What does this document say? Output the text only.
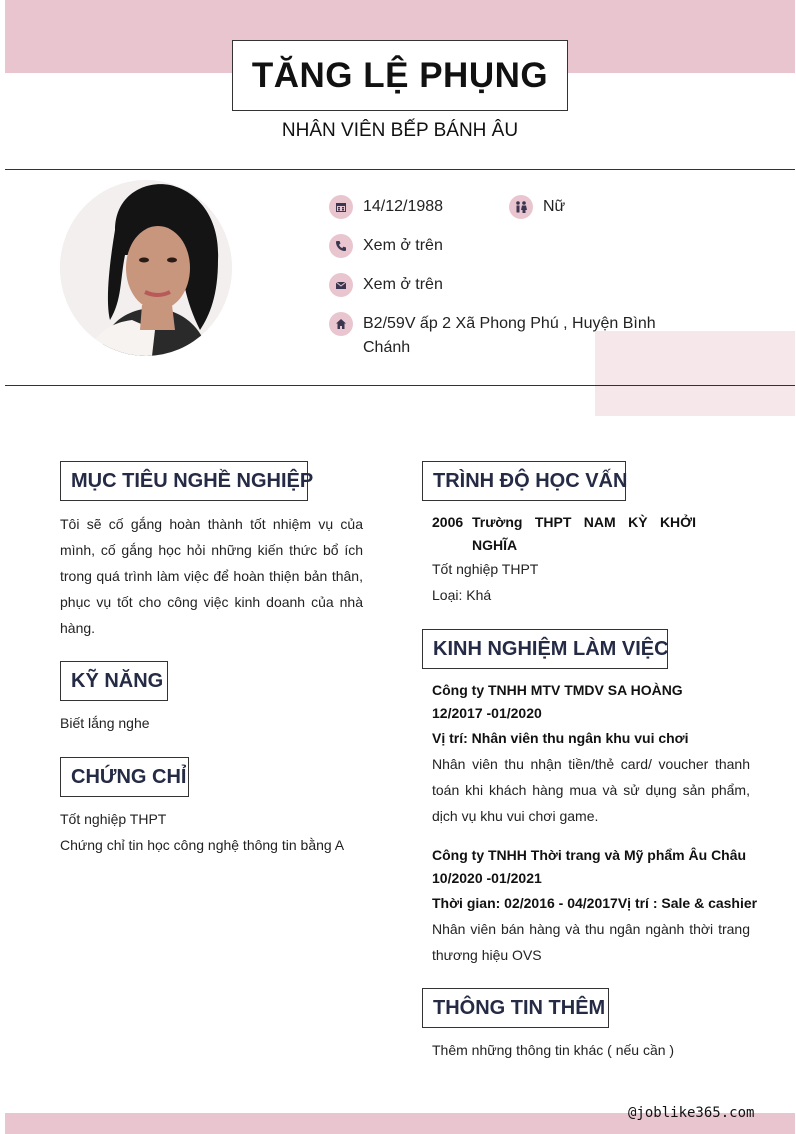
TĂNG LỆ PHỤNG
NHÂN VIÊN BẾP BÁNH ÂU
14/12/1988	Nữ
Xem ở trên
Xem ở trên
B2/59V ấp 2 Xã Phong Phú , Huyện Bình
Chánh
MỤC TIÊU NGHỀ NGHIỆP
Tôi sẽ cố gắng hoàn thành tốt nhiệm vụ của mình, cố gắng học hỏi những kiến thức bổ ích trong quá trình làm việc để hoàn thiện bản thân, phục vụ tốt cho công việc kinh doanh của nhà hàng.
KỸ NĂNG
Biết lắng nghe
CHỨNG CHỈ
Tốt nghiệp THPT
Chứng chỉ tin học công nghệ thông tin bằng A
TRÌNH ĐỘ HỌC VẤN
2006 Trường THPT NAM KỲ KHỞI NGHĨA
Tốt nghiệp THPT
Loại: Khá
KINH NGHIỆM LÀM VIỆC
Công ty TNHH MTV TMDV SA HOÀNG
12/2017 -01/2020
Vị trí: Nhân viên thu ngân khu vui chơi
Nhân viên thu nhận tiền/thẻ card/ voucher thanh toán khi khách hàng mua và sử dụng sản phẩm, dịch vụ khu vui chơi game.
Công ty TNHH Thời trang và Mỹ phẩm Âu Châu
10/2020 -01/2021
Thời gian: 02/2016 - 04/2017Vị trí : Sale & cashier
Nhân viên bán hàng và thu ngân ngành thời trang thương hiệu OVS
THÔNG TIN THÊM
Thêm những thông tin khác ( nếu cần )
@joblike365.com
